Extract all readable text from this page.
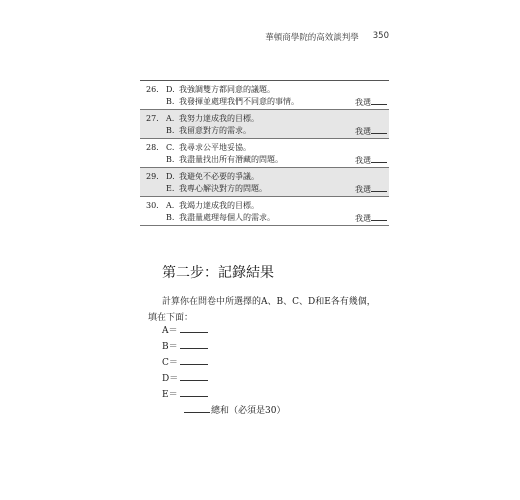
華頓商學院的高效談判學 350
26. D. 我強調雙方都同意的議題。
B. 我發揮並處理我們不同意的事情。	我選
27. A. 我努力達成我的目標。
B. 我留意對方的需求。	我選
28. C. 我尋求公平地妥協。
B. 我盡量找出所有潛藏的問題。	我選
29. D. 我避免不必要的爭議。
E. 我專心解決對方的問題。	我選
30. A. 我竭力達成我的目標。
B. 我盡量處理每個人的需求。	我選
第二步：記錄結果
計算你在問卷中所選擇的A、B、C、D和E各有幾個，
填在下面：
A＝
B＝
C＝
D＝
E＝
總和（必須是30）
